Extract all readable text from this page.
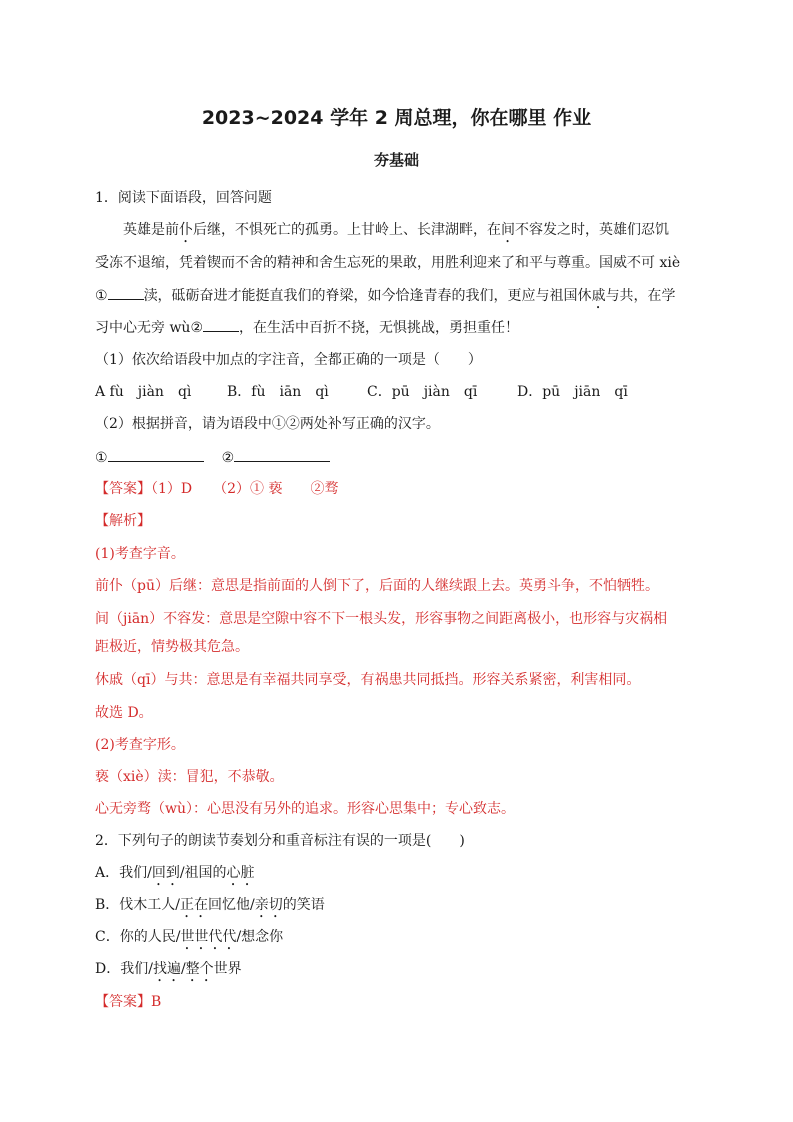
2023~2024 学年 2 周总理，你在哪里 作业
夯基础
1．阅读下面语段，回答问题
英雄是前仆后继，不惧死亡的孤勇。上甘岭上、长津湖畔，在间不容发之时，英雄们忍饥
受冻不退缩，凭着锲而不舍的精神和舍生忘死的果敢，用胜利迎来了和平与尊重。国威不可 xiè
①	渎，砥砺奋进才能挺直我们的脊梁，如今恰逢青春的我们，更应与祖国休戚与共，在学
习中心无旁 wù②	，在生活中百折不挠，无惧挑战，勇担重任！
（1）依次给语段中加点的字注音，全都正确的一项是（　　）
A fù　jiàn　qì	B．fù　iān　qì	C．pū　jiàn　qī	D．pū　jiān　qī
（2）根据拼音，请为语段中①②两处补写正确的汉字。
①	②
【答案】（1）D　　（2）① 亵　　②骛
【解析】
(1)考查字音。
前仆（pū）后继：意思是指前面的人倒下了，后面的人继续跟上去。英勇斗争，不怕牺牲。
间（jiān）不容发：意思是空隙中容不下一根头发，形容事物之间距离极小，也形容与灾祸相
距极近，情势极其危急。
休戚（qī）与共：意思是有幸福共同享受，有祸患共同抵挡。形容关系紧密，利害相同。
故选 D。
(2)考查字形。
亵（xiè）渎：冒犯，不恭敬。
心无旁骛（wù）：心思没有另外的追求。形容心思集中；专心致志。
2．下列句子的朗读节奏划分和重音标注有误的一项是(　　)
A．我们/回到/祖国的心脏
B．伐木工人/正在回忆他/亲切的笑语
C．你的人民/世世代代/想念你
D．我们/找遍/整个世界
【答案】B
